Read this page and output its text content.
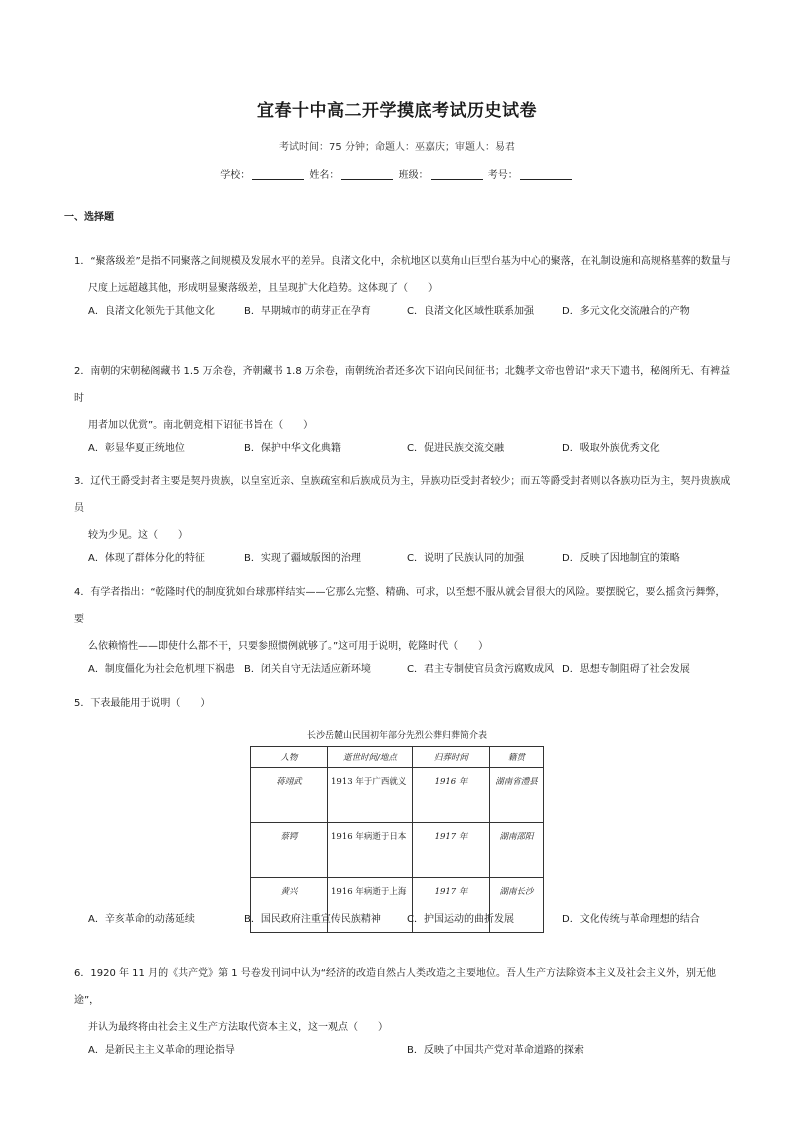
宜春十中高二开学摸底考试历史试卷
考试时间：75 分钟；命题人：巫嘉庆；审题人：易君
学校：	姓名：	班级：	考号：
一、选择题
1．“聚落级差”是指不同聚落之间规模及发展水平的差异。良渚文化中，余杭地区以莫角山巨型台基为中心的聚落，在礼制设施和高规格墓葬的数量与
尺度上远超越其他，形成明显聚落级差，且呈现扩大化趋势。这体现了（　　）
A．良渚文化领先于其他文化	B．早期城市的萌芽正在孕育	C．良渚文化区域性联系加强	D．多元文化交流融合的产物
2．南朝的宋朝秘阁藏书 1.5 万余卷，齐朝藏书 1.8 万余卷，南朝统治者还多次下诏向民间征书；北魏孝文帝也曾诏“求天下遗书，秘阁所无、有裨益时
用者加以优赏”。南北朝竞相下诏征书旨在（　　）
A．彰显华夏正统地位	B．保护中华文化典籍	C．促进民族交流交融	D．吸取外族优秀文化
3．辽代王爵受封者主要是契丹贵族，以皇室近亲、皇族疏室和后族成员为主，异族功臣受封者较少；而五等爵受封者则以各族功臣为主，契丹贵族成员
较为少见。这（　　）
A．体现了群体分化的特征	B．实现了疆域版图的治理	C．说明了民族认同的加强	D．反映了因地制宜的策略
4．有学者指出：“乾隆时代的制度犹如台球那样结实——它那么完整、精确、可求，以至想不服从就会冒很大的风险。要摆脱它，要么摇贪污舞弊，要
么依赖惰性——即使什么都不干，只要参照惯例就够了。”这可用于说明，乾隆时代（　　）
A．制度僵化为社会危机埋下祸患 B．闭关自守无法适应新环境	C．君主专制使官员贪污腐败成风 D．思想专制阻碍了社会发展
5．下表最能用于说明（　　）
长沙岳麓山民国初年部分先烈公葬归葬简介表
人物	逝世时间/地点	归葬时间	籍贯
蒋翊武	1913 年于广西就义	1916 年	湖南省澧县
蔡锷	1916 年病逝于日本	1917 年	湖南邵阳
黄兴	1916 年病逝于上海	1917 年	湖南长沙
A．辛亥革命的动荡延续	B．国民政府注重宣传民族精神	C．护国运动的曲折发展	D．文化传统与革命理想的结合
6．1920 年 11 月的《共产党》第 1 号卷发刊词中认为“经济的改造自然占人类改造之主要地位。吾人生产方法除资本主义及社会主义外，别无他途”，
并认为最终将由社会主义生产方法取代资本主义，这一观点（　　）
A．是新民主主义革命的理论指导	B．反映了中国共产党对革命道路的探索
